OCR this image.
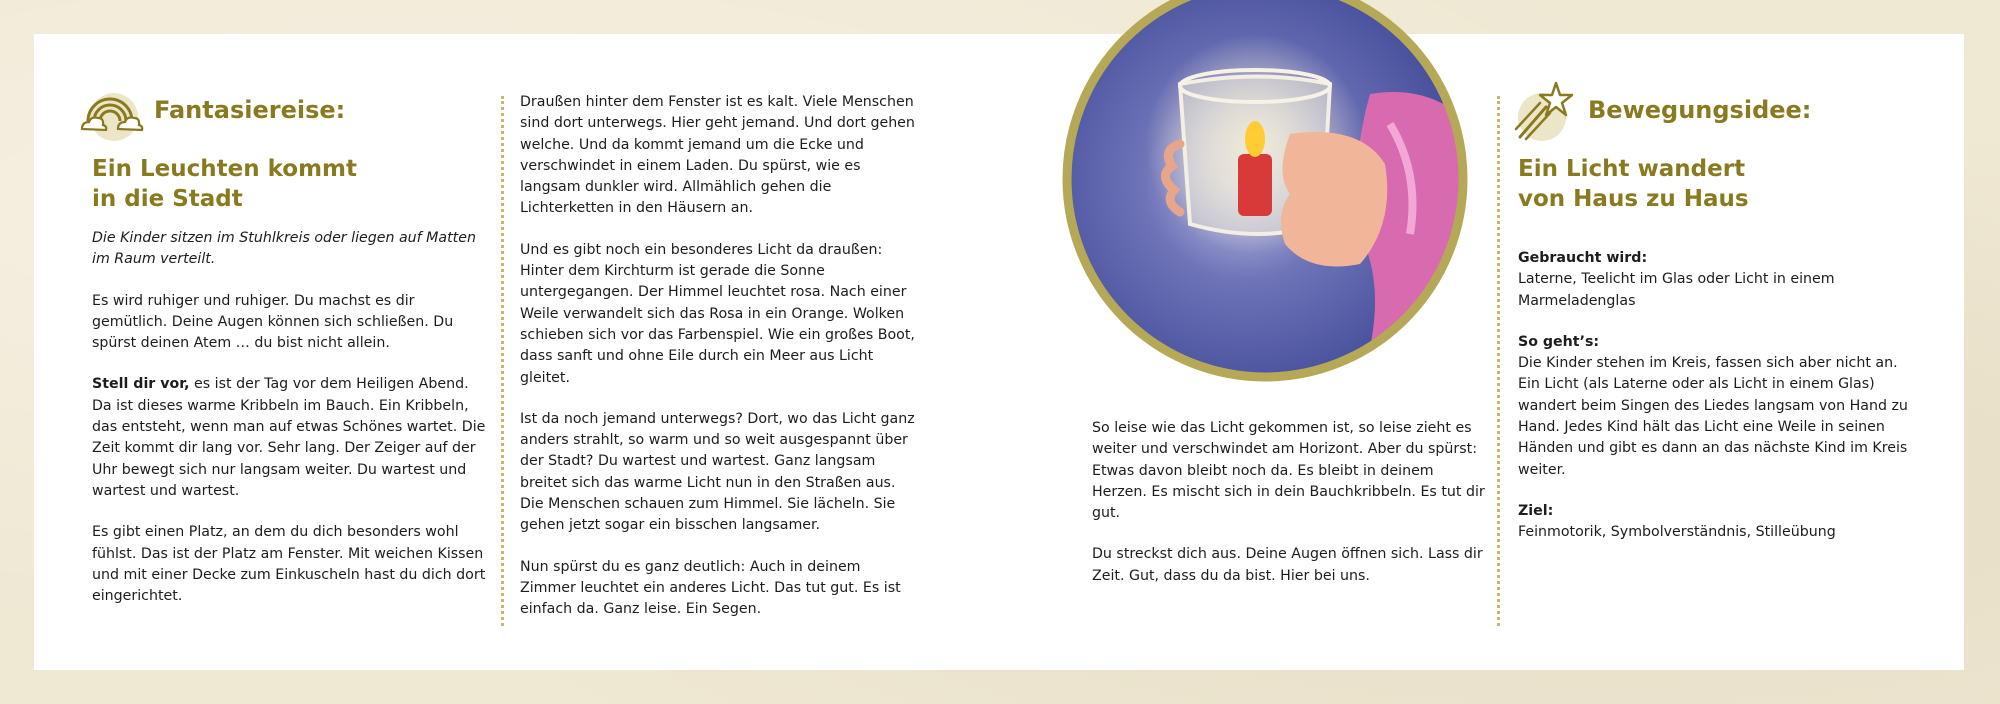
Fantasiereise:
Ein Leuchten kommt
in die Stadt

Die Kinder sitzen im Stuhlkreis oder liegen auf Matten im Raum verteilt.

Es wird ruhiger und ruhiger. Du machst es dir gemütlich. Deine Augen können sich schließen. Du spürst deinen Atem … du bist nicht allein.

Stell dir vor, es ist der Tag vor dem Heiligen Abend. Da ist dieses warme Kribbeln im Bauch. Ein Kribbeln, das entsteht, wenn man auf etwas Schönes wartet. Die Zeit kommt dir lang vor. Sehr lang. Der Zeiger auf der Uhr bewegt sich nur langsam weiter. Du wartest und wartest und wartest.

Es gibt einen Platz, an dem du dich besonders wohl fühlst. Das ist der Platz am Fenster. Mit weichen Kissen und mit einer Decke zum Einkuscheln hast du dich dort eingerichtet.

Draußen hinter dem Fenster ist es kalt. Viele Menschen sind dort unterwegs. Hier geht jemand. Und dort gehen welche. Und da kommt jemand um die Ecke und verschwindet in einem Laden. Du spürst, wie es langsam dunkler wird. Allmählich gehen die Lichterketten in den Häusern an.

Und es gibt noch ein besonderes Licht da draußen: Hinter dem Kirchturm ist gerade die Sonne untergegangen. Der Himmel leuchtet rosa. Nach einer Weile verwandelt sich das Rosa in ein Orange. Wolken schieben sich vor das Farbenspiel. Wie ein großes Boot, dass sanft und ohne Eile durch ein Meer aus Licht gleitet.

Ist da noch jemand unterwegs? Dort, wo das Licht ganz anders strahlt, so warm und so weit ausgespannt über der Stadt? Du wartest und wartest. Ganz langsam breitet sich das warme Licht nun in den Straßen aus. Die Menschen schauen zum Himmel. Sie lächeln. Sie gehen jetzt sogar ein bisschen langsamer.

Nun spürst du es ganz deutlich: Auch in deinem Zimmer leuchtet ein anderes Licht. Das tut gut. Es ist einfach da. Ganz leise. Ein Segen.

So leise wie das Licht gekommen ist, so leise zieht es weiter und verschwindet am Horizont. Aber du spürst: Etwas davon bleibt noch da. Es bleibt in deinem Herzen. Es mischt sich in dein Bauchkribbeln. Es tut dir gut.

Du streckst dich aus. Deine Augen öffnen sich. Lass dir Zeit. Gut, dass du da bist. Hier bei uns.

Bewegungsidee:
Ein Licht wandert
von Haus zu Haus

Gebraucht wird:
Laterne, Teelicht im Glas oder Licht in einem Marmeladenglas

So geht’s:
Die Kinder stehen im Kreis, fassen sich aber nicht an. Ein Licht (als Laterne oder als Licht in einem Glas) wandert beim Singen des Liedes langsam von Hand zu Hand. Jedes Kind hält das Licht eine Weile in seinen Händen und gibt es dann an das nächste Kind im Kreis weiter.

Ziel:
Feinmotorik, Symbolverständnis, Stilleübung
